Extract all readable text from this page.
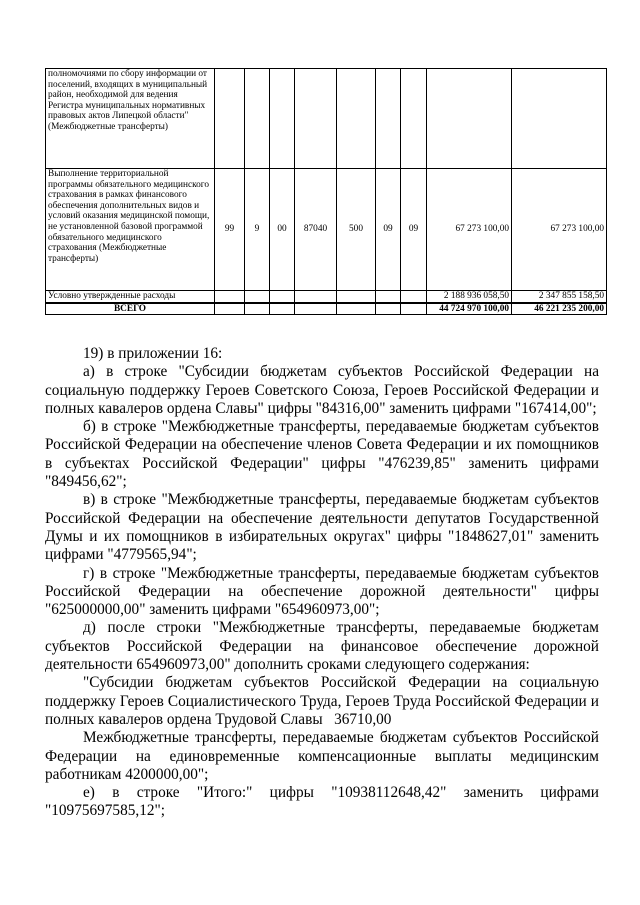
полномочиями по сбору информации от поселений, входящих в муниципальный район, необходимой для ведения Регистра муниципальных нормативных правовых актов Липецкой области" (Межбюджетные трансферты)									
Выполнение территориальной программы обязательного медицинского страхования в рамках финансового обеспечения дополнительных видов и условий оказания медицинской помощи, не установленной базовой программой обязательного медицинского страхования (Межбюджетные трансферты)	99	9	00	87040	500	09	09	67 273 100,00	67 273 100,00
Условно утвержденные расходы								2 188 936 058,50	2 347 855 158,50
ВСЕГО								44 724 970 100,00	46 221 235 200,00

19) в приложении 16:

а) в строке "Субсидии бюджетам субъектов Российской Федерации на социальную поддержку Героев Советского Союза, Героев Российской Федерации и полных кавалеров ордена Славы" цифры "84316,00" заменить цифрами "167414,00";

б) в строке "Межбюджетные трансферты, передаваемые бюджетам субъектов Российской Федерации на обеспечение членов Совета Федерации и их помощников в субъектах Российской Федерации" цифры "476239,85" заменить цифрами "849456,62";

в) в строке "Межбюджетные трансферты, передаваемые бюджетам субъектов Российской Федерации на обеспечение деятельности депутатов Государственной Думы и их помощников в избирательных округах" цифры "1848627,01" заменить цифрами "4779565,94";

г) в строке "Межбюджетные трансферты, передаваемые бюджетам субъектов Российской Федерации на обеспечение дорожной деятельности" цифры "625000000,00" заменить цифрами "654960973,00";

д) после строки "Межбюджетные трансферты, передаваемые бюджетам субъектов Российской Федерации на финансовое обеспечение дорожной деятельности 654960973,00" дополнить сроками следующего содержания:

"Субсидии бюджетам субъектов Российской Федерации на социальную поддержку Героев Социалистического Труда, Героев Труда Российской Федерации и полных кавалеров ордена Трудовой Славы 36710,00

Межбюджетные трансферты, передаваемые бюджетам субъектов Российской Федерации на единовременные компенсационные выплаты медицинским работникам 4200000,00";

е) в строке "Итого:" цифры "10938112648,42" заменить цифрами "10975697585,12";
